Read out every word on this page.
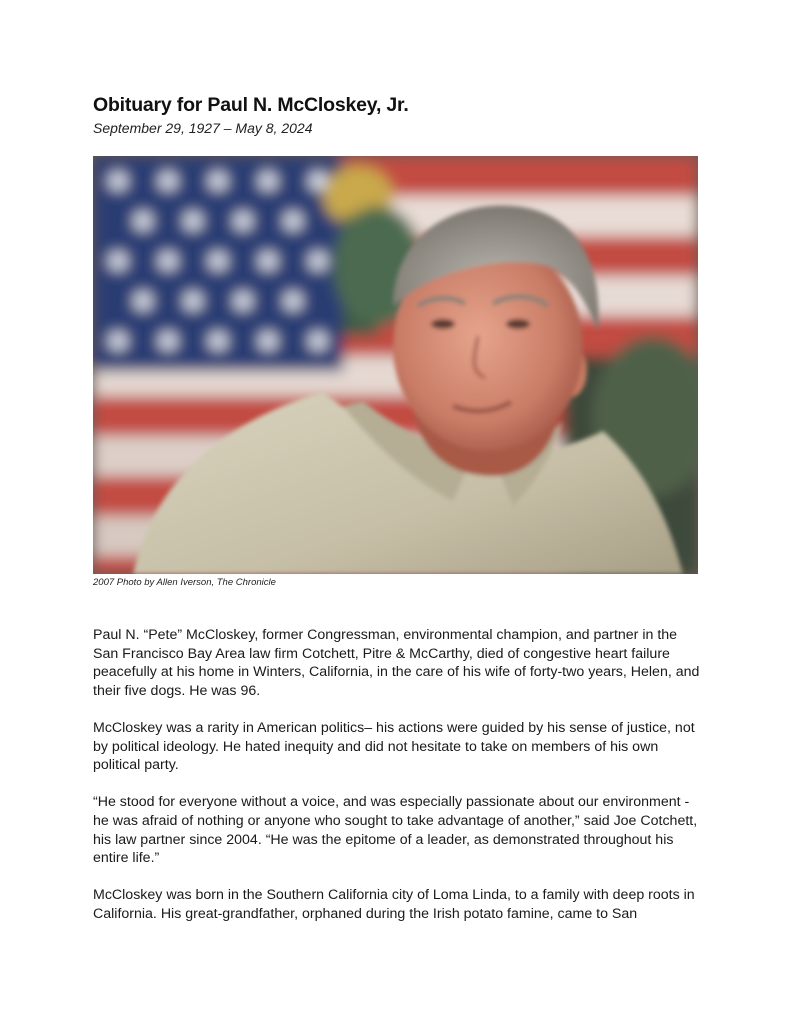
Obituary for Paul N. McCloskey, Jr.
September 29, 1927 – May 8, 2024
2007 Photo by Allen Iverson, The Chronicle

Paul N. “Pete” McCloskey, former Congressman, environmental champion, and partner in the San Francisco Bay Area law firm Cotchett, Pitre & McCarthy, died of congestive heart failure peacefully at his home in Winters, California, in the care of his wife of forty-two years, Helen, and their five dogs. He was 96.

McCloskey was a rarity in American politics– his actions were guided by his sense of justice, not by political ideology. He hated inequity and did not hesitate to take on members of his own political party.

“He stood for everyone without a voice, and was especially passionate about our environment - he was afraid of nothing or anyone who sought to take advantage of another,” said Joe Cotchett, his law partner since 2004. “He was the epitome of a leader, as demonstrated throughout his entire life.”

McCloskey was born in the Southern California city of Loma Linda, to a family with deep roots in California. His great-grandfather, orphaned during the Irish potato famine, came to San
